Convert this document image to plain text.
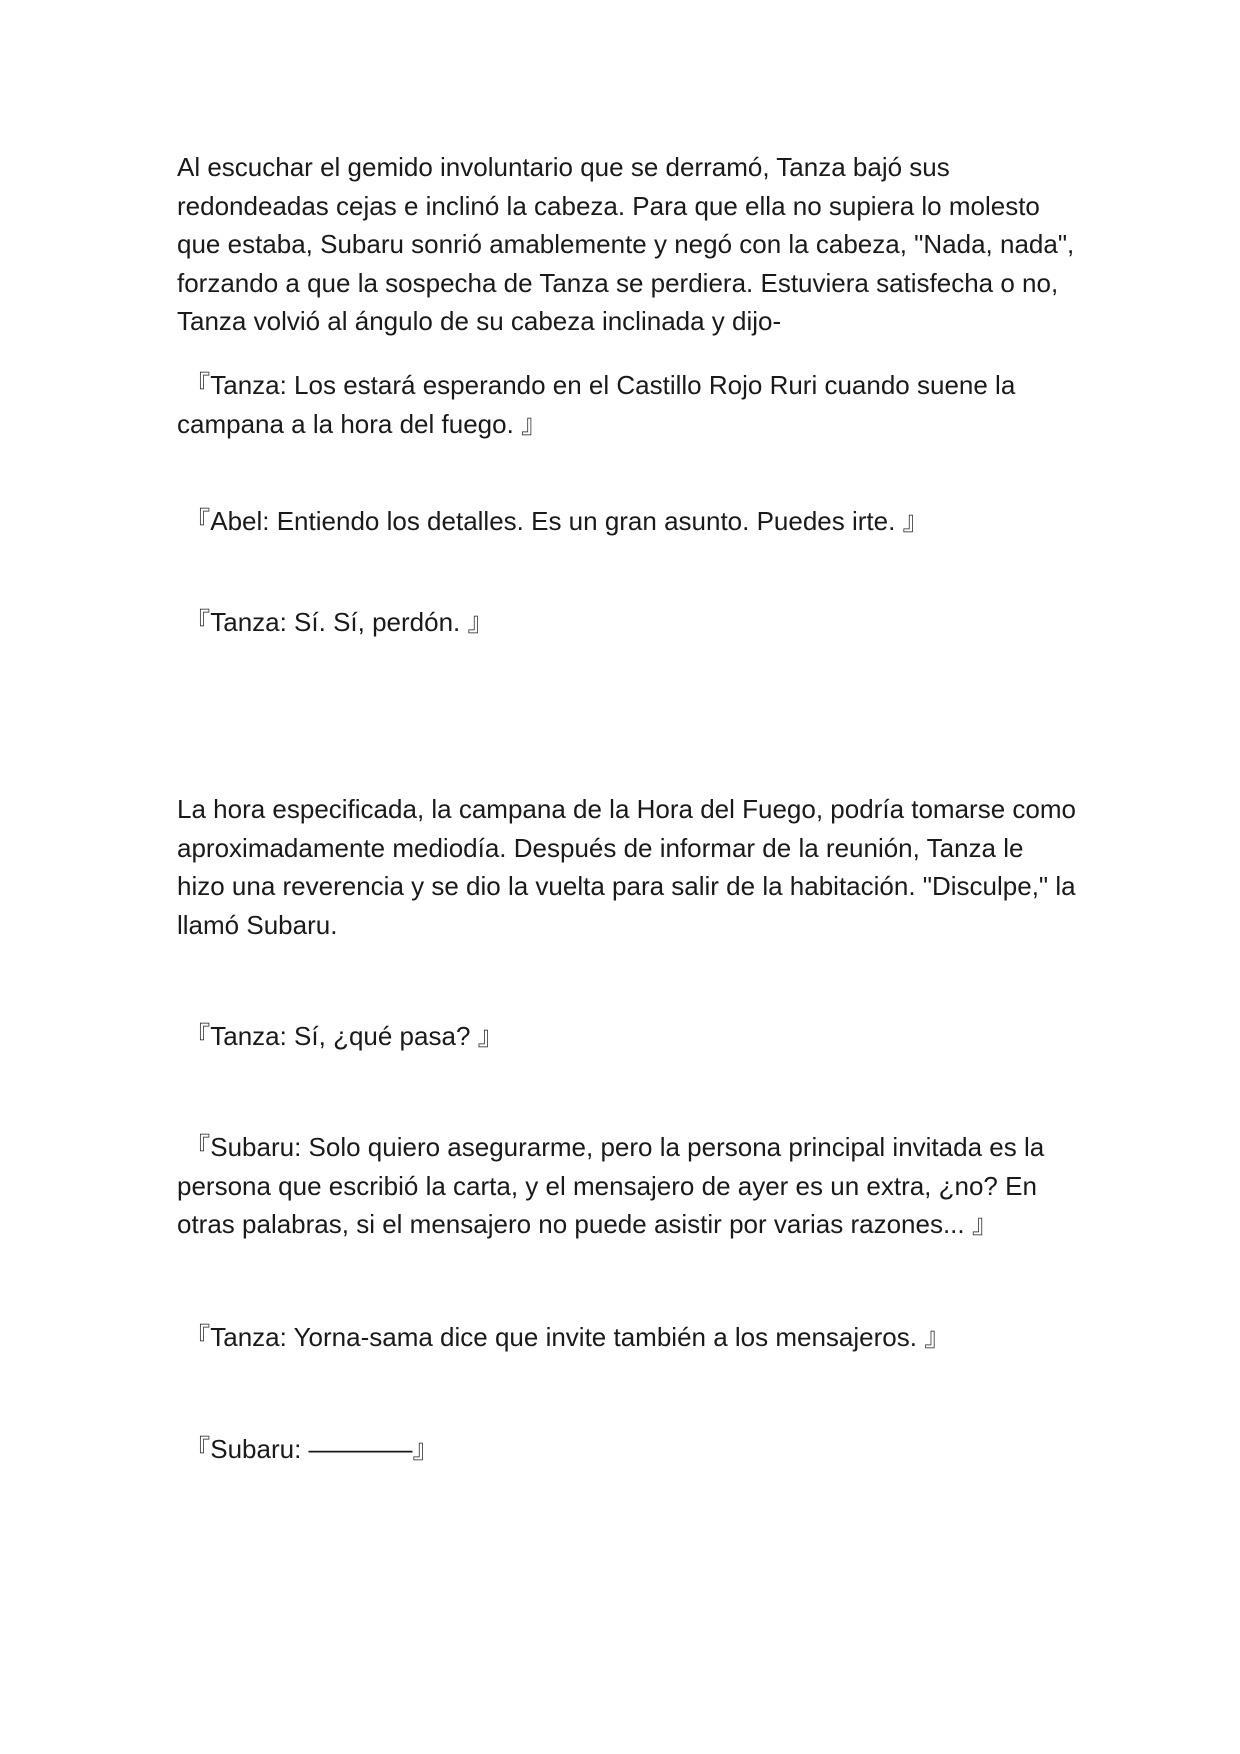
Al escuchar el gemido involuntario que se derramó, Tanza bajó sus redondeadas cejas e inclinó la cabeza. Para que ella no supiera lo molesto que estaba, Subaru sonrió amablemente y negó con la cabeza, "Nada, nada", forzando a que la sospecha de Tanza se perdiera. Estuviera satisfecha o no, Tanza volvió al ángulo de su cabeza inclinada y dijo-

『Tanza: Los estará esperando en el Castillo Rojo Ruri cuando suene la campana a la hora del fuego. 』

『Abel: Entiendo los detalles. Es un gran asunto. Puedes irte. 』

『Tanza: Sí. Sí, perdón. 』

La hora especificada, la campana de la Hora del Fuego, podría tomarse como aproximadamente mediodía. Después de informar de la reunión, Tanza le hizo una reverencia y se dio la vuelta para salir de la habitación. "Disculpe," la llamó Subaru.

『Tanza: Sí, ¿qué pasa? 』

『Subaru: Solo quiero asegurarme, pero la persona principal invitada es la persona que escribió la carta, y el mensajero de ayer es un extra, ¿no? En otras palabras, si el mensajero no puede asistir por varias razones... 』

『Tanza: Yorna-sama dice que invite también a los mensajeros. 』

『Subaru: ————』
